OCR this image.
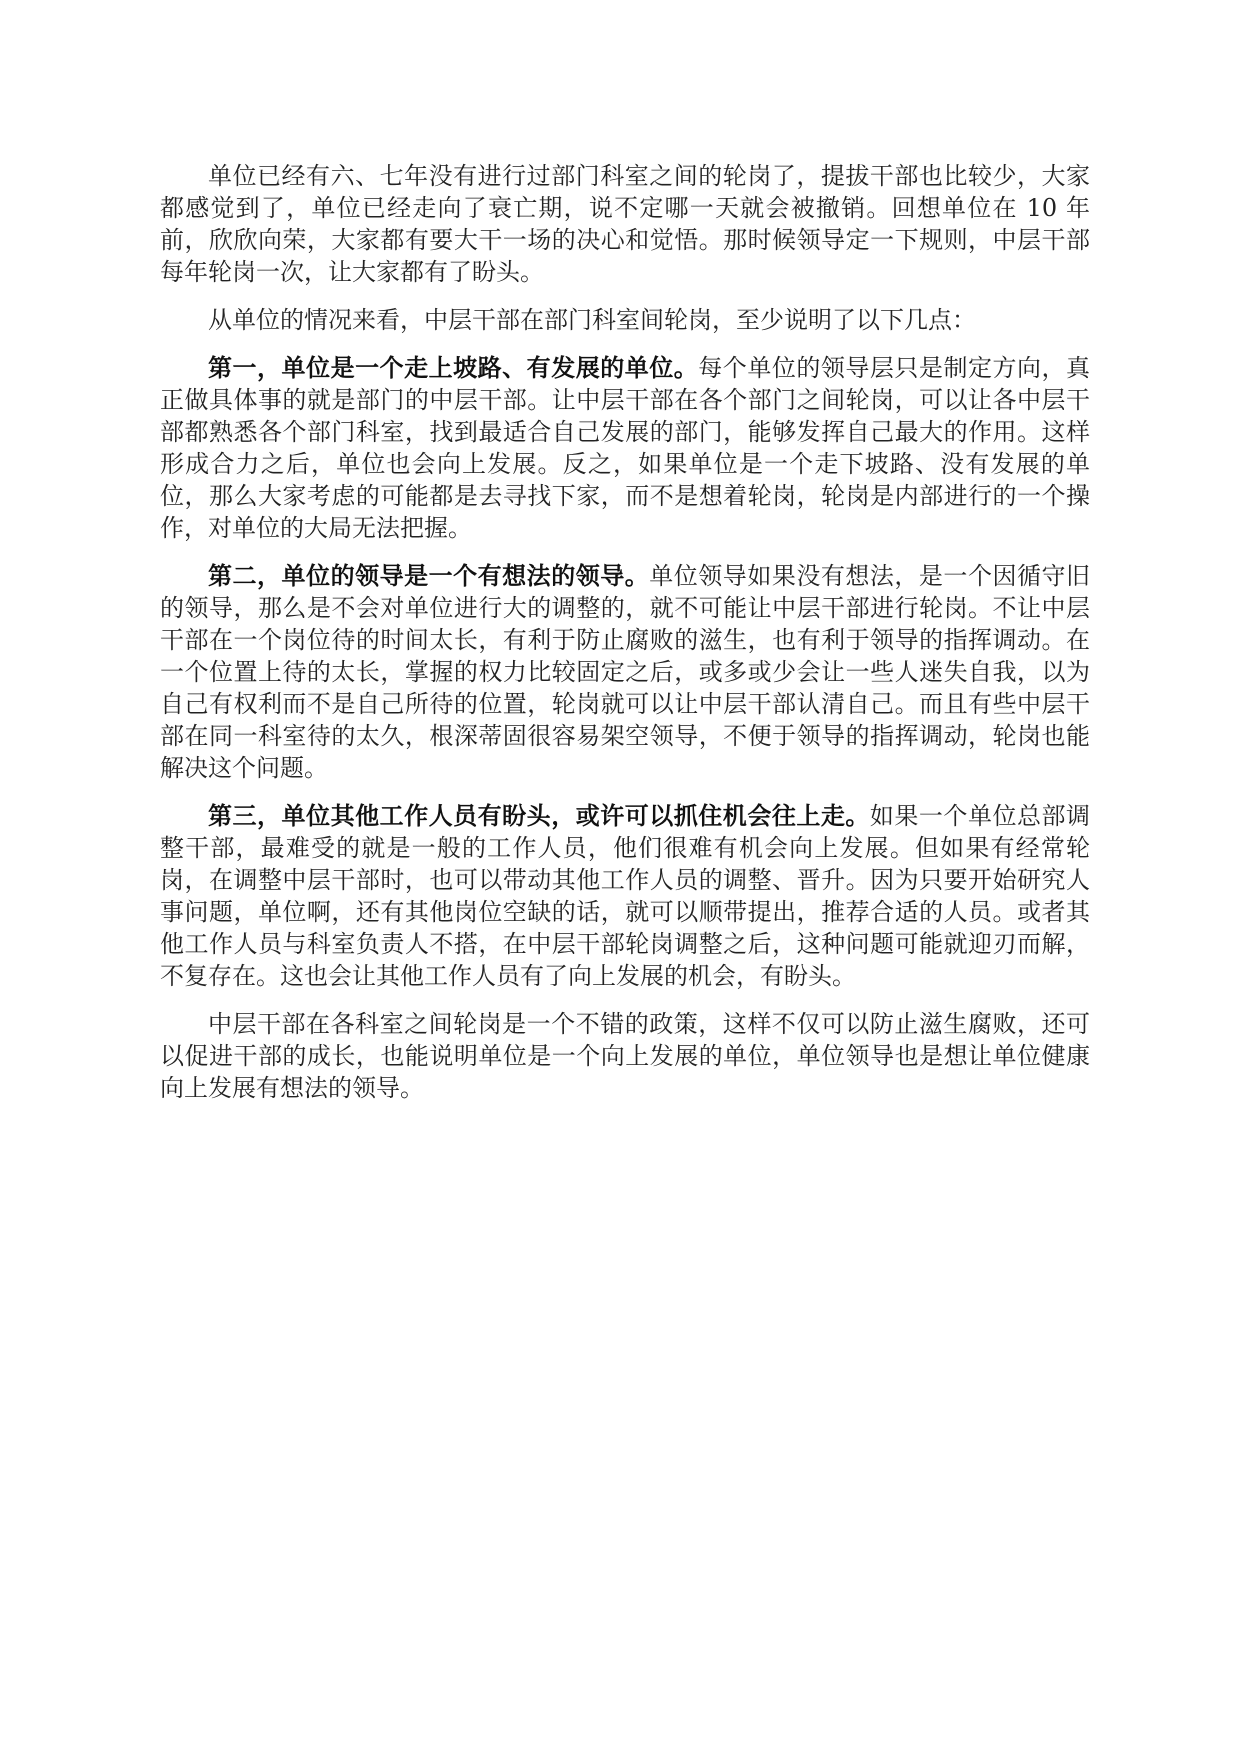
单位已经有六、七年没有进行过部门科室之间的轮岗了，提拔干部也比较少，大家都感觉到了，单位已经走向了衰亡期，说不定哪一天就会被撤销。回想单位在 10 年前，欣欣向荣，大家都有要大干一场的决心和觉悟。那时候领导定一下规则，中层干部每年轮岗一次，让大家都有了盼头。

从单位的情况来看，中层干部在部门科室间轮岗，至少说明了以下几点：

第一，单位是一个走上坡路、有发展的单位。每个单位的领导层只是制定方向，真正做具体事的就是部门的中层干部。让中层干部在各个部门之间轮岗，可以让各中层干部都熟悉各个部门科室，找到最适合自己发展的部门，能够发挥自己最大的作用。这样形成合力之后，单位也会向上发展。反之，如果单位是一个走下坡路、没有发展的单位，那么大家考虑的可能都是去寻找下家，而不是想着轮岗，轮岗是内部进行的一个操作，对单位的大局无法把握。

第二，单位的领导是一个有想法的领导。单位领导如果没有想法，是一个因循守旧的领导，那么是不会对单位进行大的调整的，就不可能让中层干部进行轮岗。不让中层干部在一个岗位待的时间太长，有利于防止腐败的滋生，也有利于领导的指挥调动。在一个位置上待的太长，掌握的权力比较固定之后，或多或少会让一些人迷失自我，以为自己有权利而不是自己所待的位置，轮岗就可以让中层干部认清自己。而且有些中层干部在同一科室待的太久，根深蒂固很容易架空领导，不便于领导的指挥调动，轮岗也能解决这个问题。

第三，单位其他工作人员有盼头，或许可以抓住机会往上走。如果一个单位总部调整干部，最难受的就是一般的工作人员，他们很难有机会向上发展。但如果有经常轮岗，在调整中层干部时，也可以带动其他工作人员的调整、晋升。因为只要开始研究人事问题，单位啊，还有其他岗位空缺的话，就可以顺带提出，推荐合适的人员。或者其他工作人员与科室负责人不搭，在中层干部轮岗调整之后，这种问题可能就迎刃而解，不复存在。这也会让其他工作人员有了向上发展的机会，有盼头。

中层干部在各科室之间轮岗是一个不错的政策，这样不仅可以防止滋生腐败，还可以促进干部的成长，也能说明单位是一个向上发展的单位，单位领导也是想让单位健康向上发展有想法的领导。
